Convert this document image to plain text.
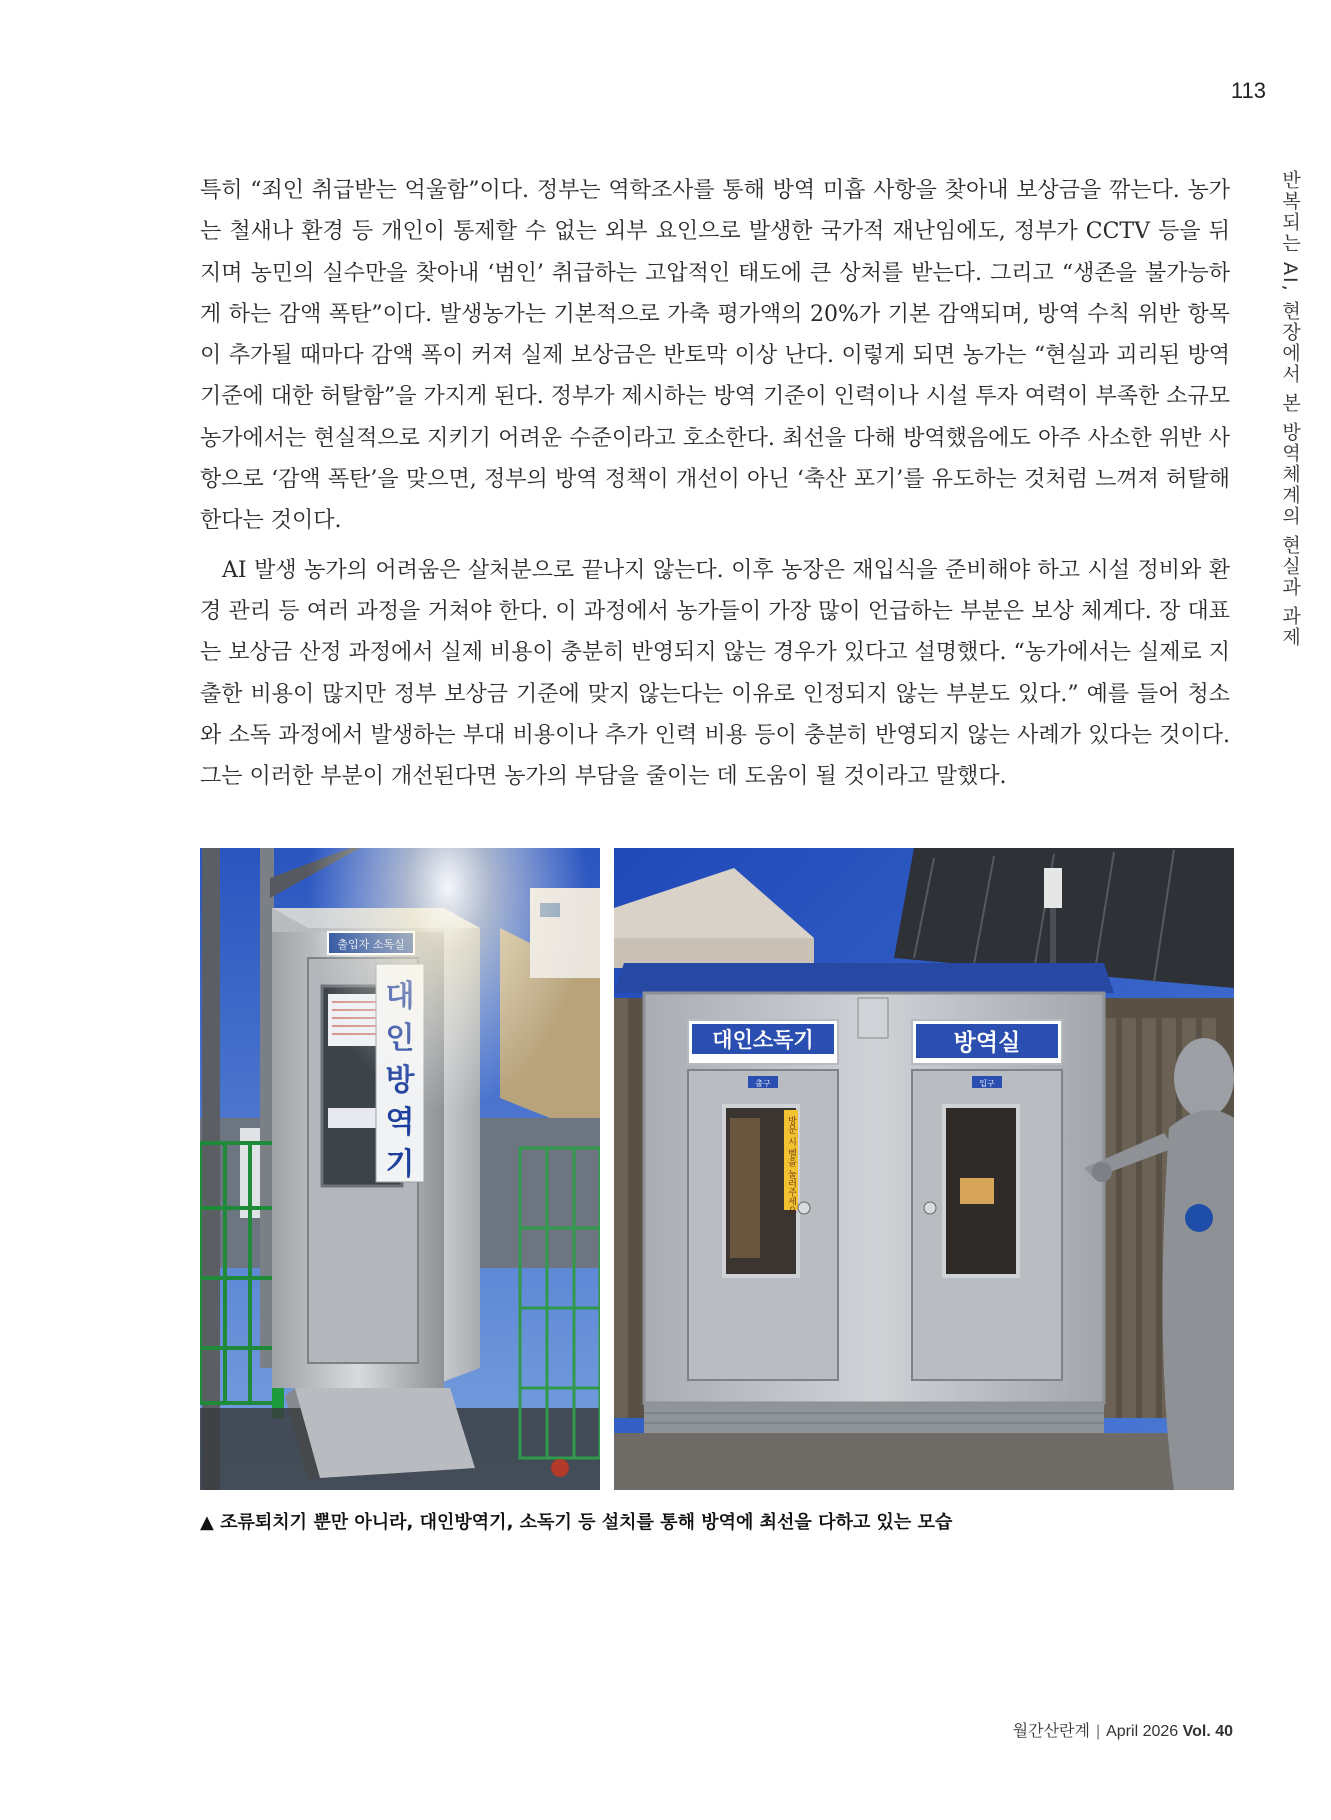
113
반복되는 AI, 현장에서 본 방역체계의 현실과 과제

특히 “죄인 취급받는 억울함”이다. 정부는 역학조사를 통해 방역 미흡 사항을 찾아내 보상금을 깎는다. 농가는 철새나 환경 등 개인이 통제할 수 없는 외부 요인으로 발생한 국가적 재난임에도, 정부가 CCTV 등을 뒤지며 농민의 실수만을 찾아내 ‘범인’ 취급하는 고압적인 태도에 큰 상처를 받는다. 그리고 “생존을 불가능하게 하는 감액 폭탄”이다. 발생농가는 기본적으로 가축 평가액의 20%가 기본 감액되며, 방역 수칙 위반 항목이 추가될 때마다 감액 폭이 커져 실제 보상금은 반토막 이상 난다. 이렇게 되면 농가는 “현실과 괴리된 방역 기준에 대한 허탈함”을 가지게 된다. 정부가 제시하는 방역 기준이 인력이나 시설 투자 여력이 부족한 소규모 농가에서는 현실적으로 지키기 어려운 수준이라고 호소한다. 최선을 다해 방역했음에도 아주 사소한 위반 사항으로 ‘감액 폭탄’을 맞으면, 정부의 방역 정책이 개선이 아닌 ‘축산 포기’를 유도하는 것처럼 느껴져 허탈해한다는 것이다.

AI 발생 농가의 어려움은 살처분으로 끝나지 않는다. 이후 농장은 재입식을 준비해야 하고 시설 정비와 환경 관리 등 여러 과정을 거쳐야 한다. 이 과정에서 농가들이 가장 많이 언급하는 부분은 보상 체계다. 장 대표는 보상금 산정 과정에서 실제 비용이 충분히 반영되지 않는 경우가 있다고 설명했다. “농가에서는 실제로 지출한 비용이 많지만 정부 보상금 기준에 맞지 않는다는 이유로 인정되지 않는 부분도 있다.” 예를 들어 청소와 소독 과정에서 발생하는 부대 비용이나 추가 인력 비용 등이 충분히 반영되지 않는 사례가 있다는 것이다. 그는 이러한 부분이 개선된다면 농가의 부담을 줄이는 데 도움이 될 것이라고 말했다.

대인소독기	방역실
출구	입구
방문 시 벨을 눌러주세요
▲ 조류퇴치기 뿐만 아니라, 대인방역기, 소독기 등 설치를 통해 방역에 최선을 다하고 있는 모습
월간산란계 | April 2026 Vol. 40
